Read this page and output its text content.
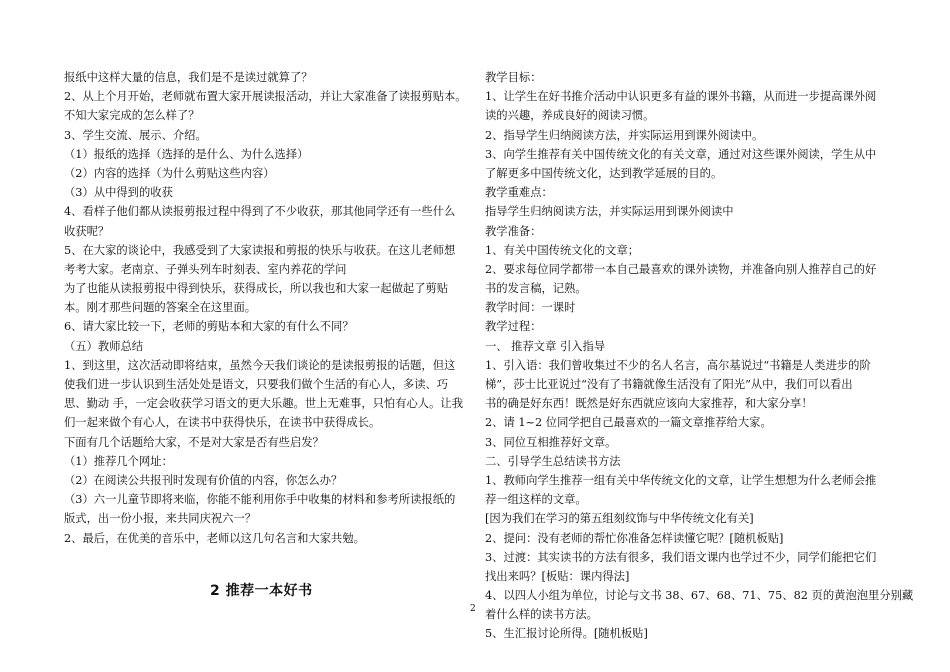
报纸中这样大量的信息，我们是不是读过就算了？
2、从上个月开始，老师就布置大家开展读报活动，并让大家准备了读报剪贴本。
不知大家完成的怎么样了？
3、学生交流、展示、介绍。
（1）报纸的选择（选择的是什么、为什么选择）
（2）内容的选择（为什么剪贴这些内容）
（3）从中得到的收获
4、看样子他们都从读报剪报过程中得到了不少收获，那其他同学还有一些什么
收获呢？
5、在大家的谈论中，我感受到了大家读报和剪报的快乐与收获。在这儿老师想
考考大家。老南京、子弹头列车时刻表、室内养花的学问
为了也能从读报剪报中得到快乐，获得成长，所以我也和大家一起做起了剪贴
本。刚才那些问题的答案全在这里面。
6、请大家比较一下，老师的剪贴本和大家的有什么不同？
（五）教师总结
1、到这里，这次活动即将结束，虽然今天我们谈论的是读报剪报的话题，但这
使我们进一步认识到生活处处是语文，只要我们做个生活的有心人，多读、巧
思、勤动 手，一定会收获学习语文的更大乐趣。世上无难事，只怕有心人。让我
们一起来做个有心人，在读书中获得快乐，在读书中获得成长。
下面有几个话题给大家，不是对大家是否有些启发？
（1）推荐几个网址：
（2）在阅读公共报刊时发现有价值的内容，你怎么办？
（3）六一儿童节即将来临，你能不能利用你手中收集的材料和参考所读报纸的
版式，出一份小报，来共同庆祝六一？
2、最后，在优美的音乐中，老师以这几句名言和大家共勉。
2 推荐一本好书
教学目标：
1、让学生在好书推介活动中认识更多有益的课外书籍，从而进一步提高课外阅
读的兴趣，养成良好的阅读习惯。
2、指导学生归纳阅读方法，并实际运用到课外阅读中。
3、向学生推荐有关中国传统文化的有关文章，通过对这些课外阅读，学生从中
了解更多中国传统文化，达到教学延展的目的。
教学重难点：
指导学生归纳阅读方法，并实际运用到课外阅读中
教学准备：
1、有关中国传统文化的文章；
2、要求每位同学都带一本自己最喜欢的课外读物，并准备向别人推荐自己的好
书的发言稿，记熟。
教学时间：一课时
教学过程：
一、 推荐文章 引入指导
1、引入语：我们曾收集过不少的名人名言，高尔基说过“书籍是人类进步的阶
梯”，莎士比亚说过“没有了书籍就像生活没有了阳光”从中，我们可以看出
书的确是好东西！既然是好东西就应该向大家推荐，和大家分享！
2、请 1~2 位同学把自己最喜欢的一篇文章推荐给大家。
3、同位互相推荐好文章。
二、引导学生总结读书方法
1、教师向学生推荐一组有关中华传统文化的文章，让学生想想为什么老师会推
荐一组这样的文章。
[因为我们在学习的第五组刻纹饰与中华传统文化有关]
2、提问：没有老师的帮忙你准备怎样读懂它呢？[随机板贴]
3、过渡：其实读书的方法有很多，我们语文课内也学过不少，同学们能把它们
找出来吗？[板贴：课内得法]
4、以四人小组为单位，讨论与文书 38、67、68、71、75、82 页的黄泡泡里分别藏
着什么样的读书方法。
5、生汇报讨论所得。[随机板贴]
2
